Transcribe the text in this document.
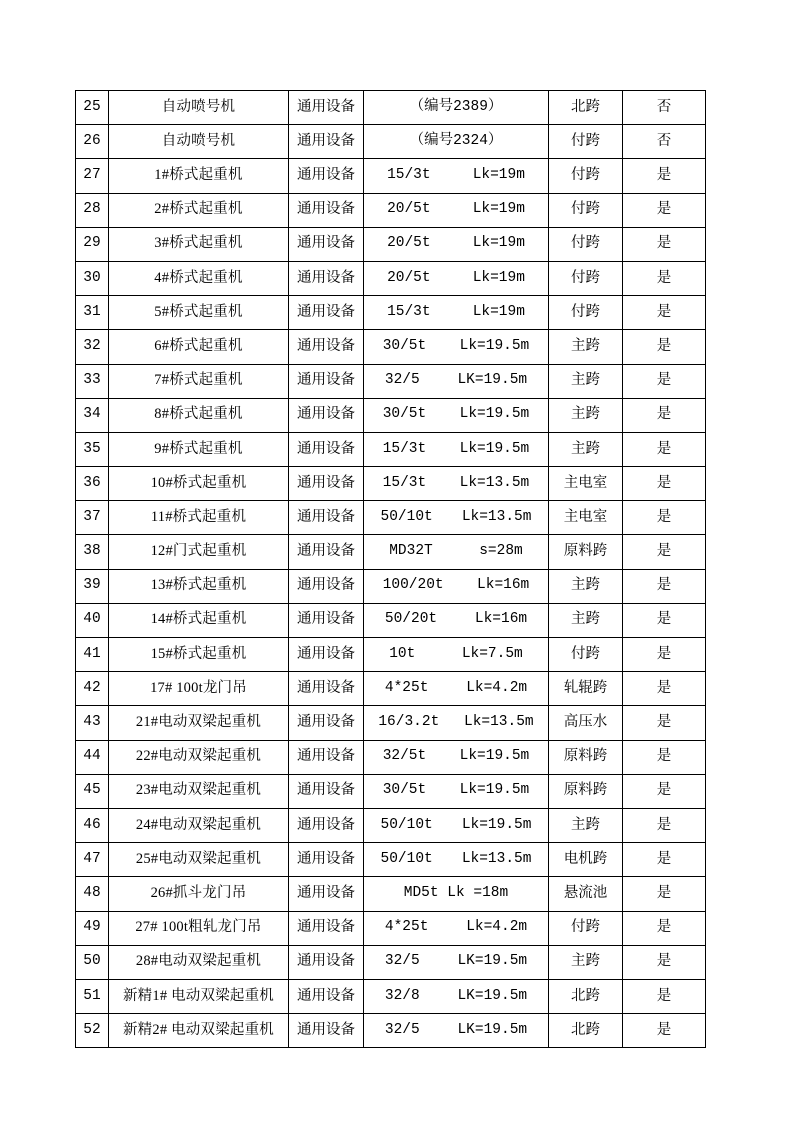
25	自动喷号机	通用设备	（编号2389）	北跨	否
26	自动喷号机	通用设备	（编号2324）	付跨	否
27	1#桥式起重机	通用设备	15/3t Lk=19m	付跨	是
28	2#桥式起重机	通用设备	20/5t Lk=19m	付跨	是
29	3#桥式起重机	通用设备	20/5t Lk=19m	付跨	是
30	4#桥式起重机	通用设备	20/5t Lk=19m	付跨	是
31	5#桥式起重机	通用设备	15/3t Lk=19m	付跨	是
32	6#桥式起重机	通用设备	30/5t Lk=19.5m	主跨	是
33	7#桥式起重机	通用设备	32/5 LK=19.5m	主跨	是
34	8#桥式起重机	通用设备	30/5t Lk=19.5m	主跨	是
35	9#桥式起重机	通用设备	15/3t Lk=19.5m	主跨	是
36	10#桥式起重机	通用设备	15/3t Lk=13.5m	主电室	是
37	11#桥式起重机	通用设备	50/10t Lk=13.5m	主电室	是
38	12#门式起重机	通用设备	MD32T s=28m	原料跨	是
39	13#桥式起重机	通用设备	100/20t Lk=16m	主跨	是
40	14#桥式起重机	通用设备	50/20t Lk=16m	主跨	是
41	15#桥式起重机	通用设备	10t Lk=7.5m	付跨	是
42	17# 100t龙门吊	通用设备	4*25t Lk=4.2m	轧辊跨	是
43	21#电动双梁起重机	通用设备	16/3.2t Lk=13.5m	高压水	是
44	22#电动双梁起重机	通用设备	32/5t Lk=19.5m	原料跨	是
45	23#电动双梁起重机	通用设备	30/5t Lk=19.5m	原料跨	是
46	24#电动双梁起重机	通用设备	50/10t Lk=19.5m	主跨	是
47	25#电动双梁起重机	通用设备	50/10t Lk=13.5m	电机跨	是
48	26#抓斗龙门吊	通用设备	MD5t Lk =18m	悬流池	是
49	27# 100t粗轧龙门吊	通用设备	4*25t Lk=4.2m	付跨	是
50	28#电动双梁起重机	通用设备	32/5 LK=19.5m	主跨	是
51	新精1# 电动双梁起重机	通用设备	32/8 LK=19.5m	北跨	是
52	新精2# 电动双梁起重机	通用设备	32/5 LK=19.5m	北跨	是
